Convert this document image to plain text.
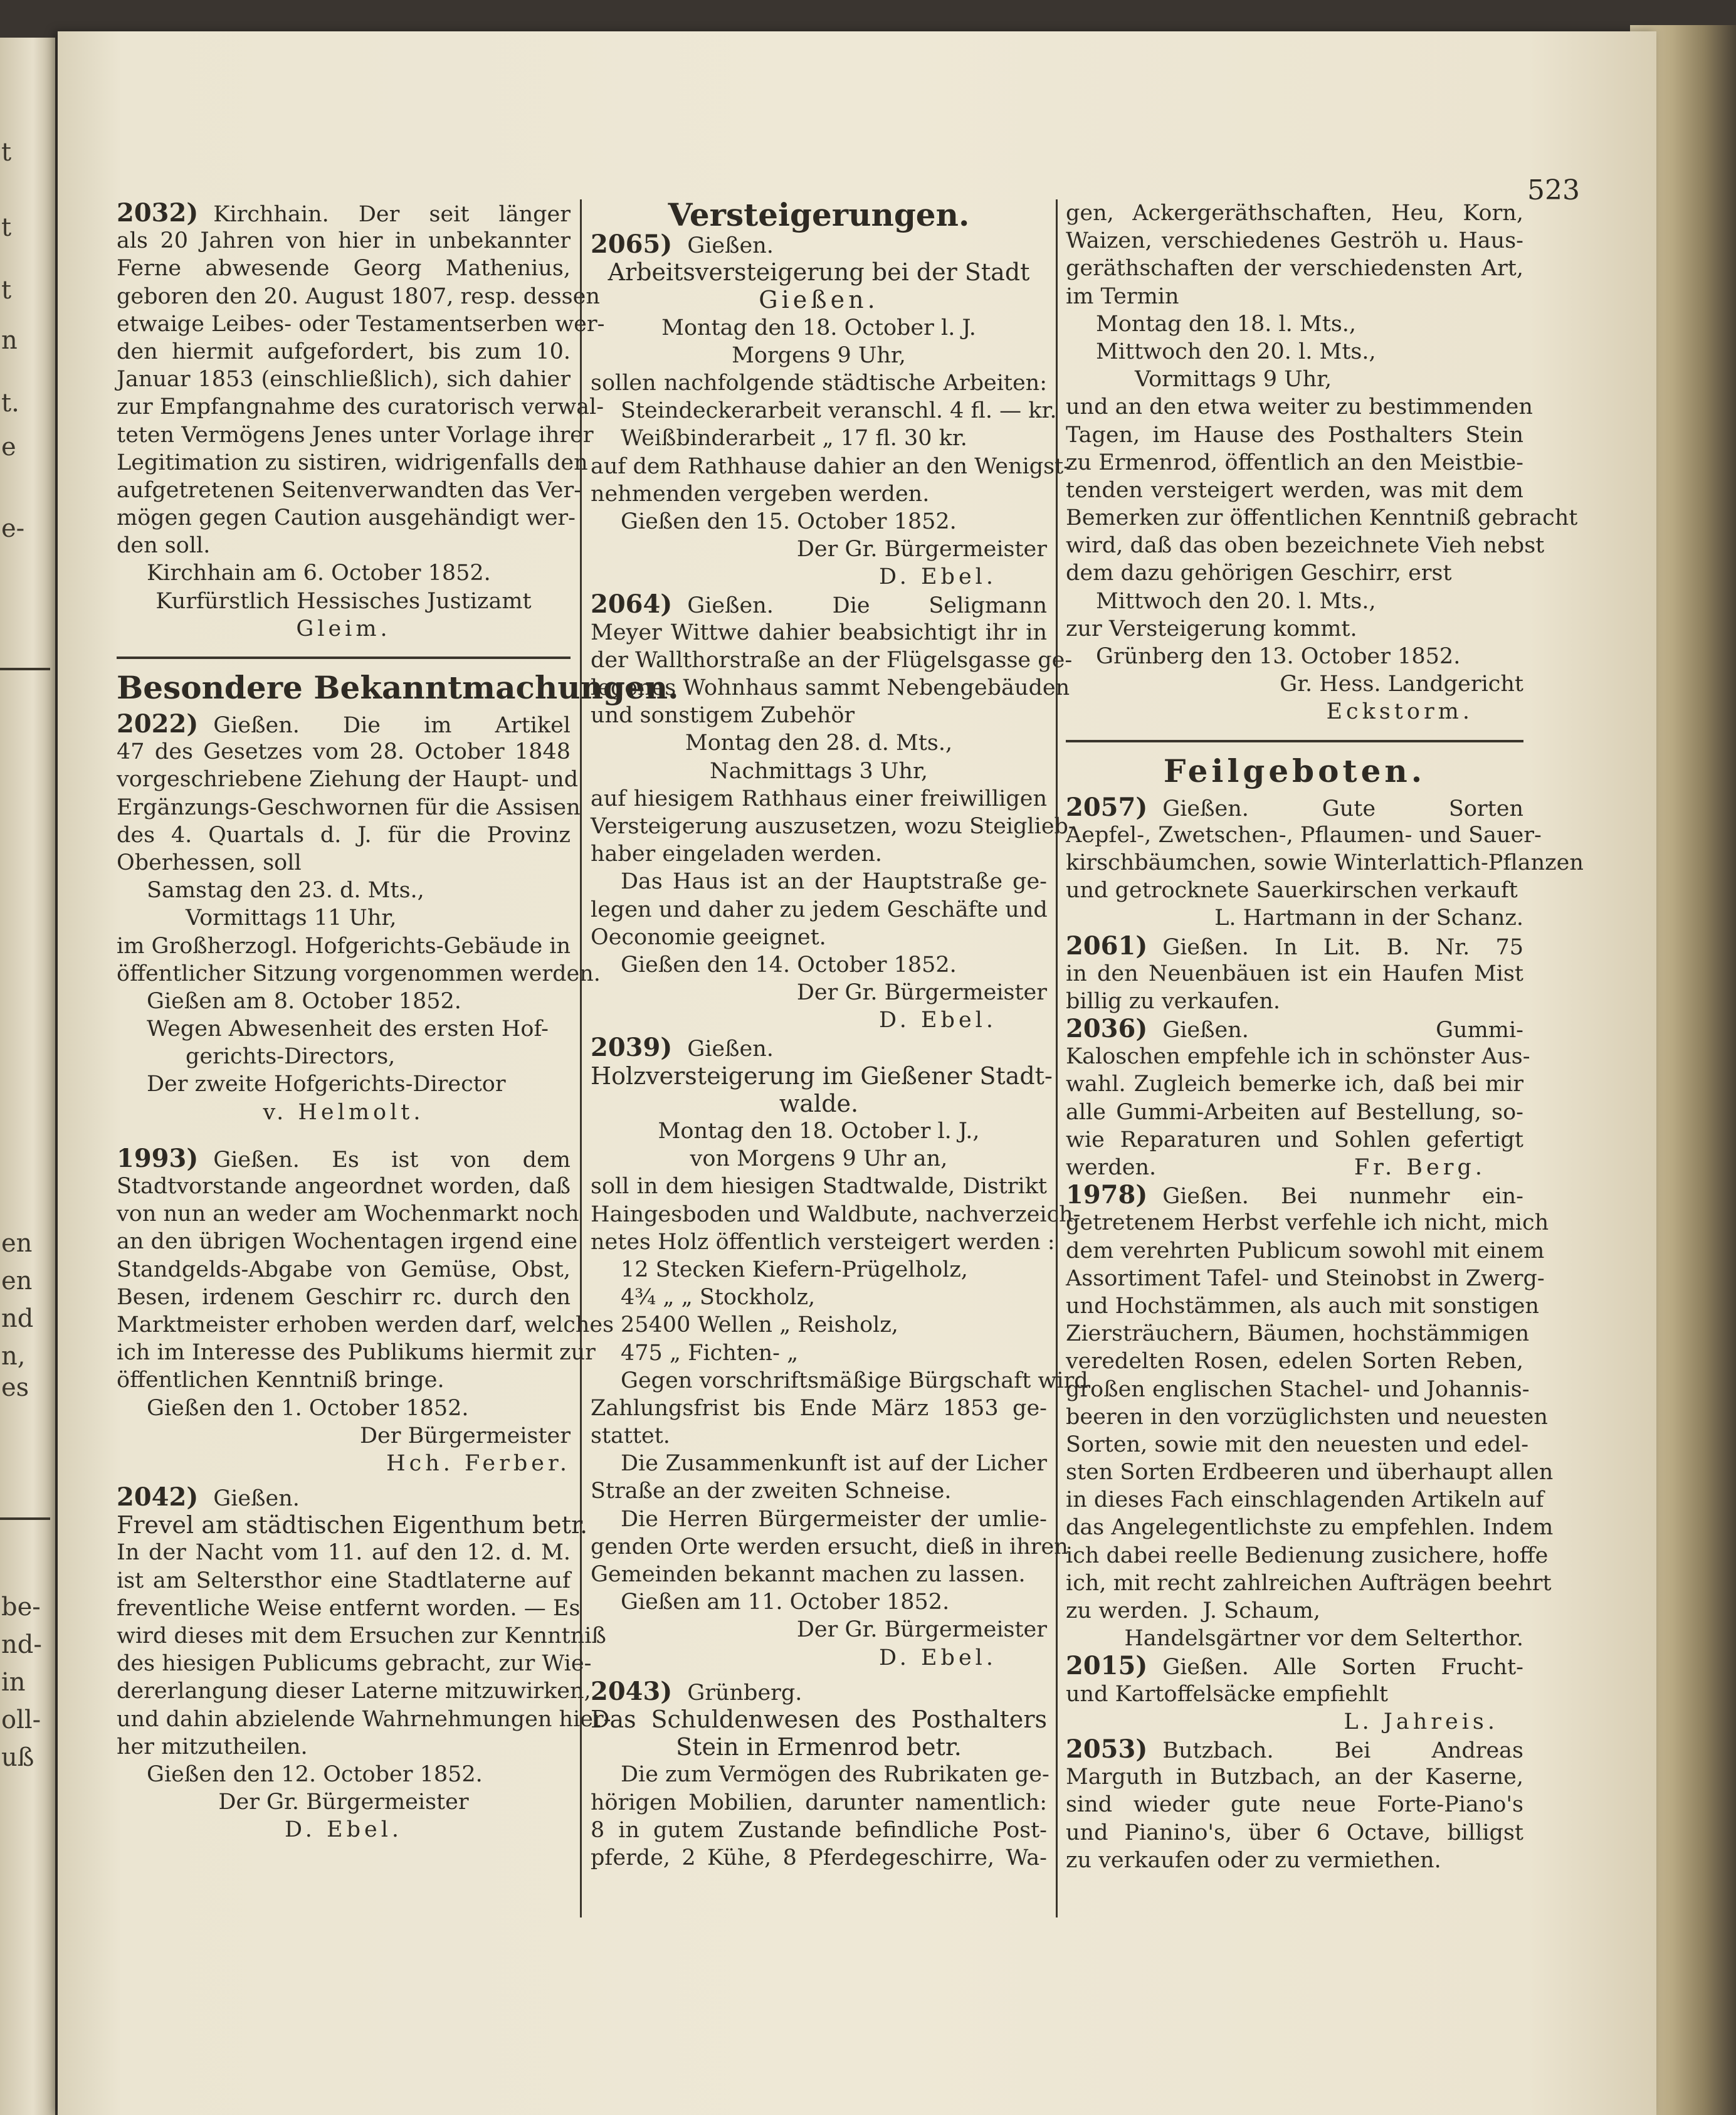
t
t
t
n
t.
e
e-
en
en
nd
n,
es
be-
nd-
in
oll-
uß
523
2032) Kirchhain. Der seit länger
als 20 Jahren von hier in unbekannter
Ferne abwesende Georg Mathenius,
geboren den 20. August 1807, resp. dessen
etwaige Leibes- oder Testamentserben wer-
den hiermit aufgefordert, bis zum 10.
Januar 1853 (einschließlich), sich dahier
zur Empfangnahme des curatorisch verwal-
teten Vermögens Jenes unter Vorlage ihrer
Legitimation zu sistiren, widrigenfalls den
aufgetretenen Seitenverwandten das Ver-
mögen gegen Caution ausgehändigt wer-
den soll.
Kirchhain am 6. October 1852.
Kurfürstlich Hessisches Justizamt
Gleim.
Besondere Bekanntmachungen.
2022) Gießen. Die im Artikel
47 des Gesetzes vom 28. October 1848
vorgeschriebene Ziehung der Haupt- und
Ergänzungs-Geschwornen für die Assisen
des 4. Quartals d. J. für die Provinz
Oberhessen, soll
Samstag den 23. d. Mts.,
Vormittags 11 Uhr,
im Großherzogl. Hofgerichts-Gebäude in
öffentlicher Sitzung vorgenommen werden.
Gießen am 8. October 1852.
Wegen Abwesenheit des ersten Hof-
gerichts-Directors,
Der zweite Hofgerichts-Director
v. Helmolt.
1993) Gießen. Es ist von dem
Stadtvorstande angeordnet worden, daß
von nun an weder am Wochenmarkt noch
an den übrigen Wochentagen irgend eine
Standgelds-Abgabe von Gemüse, Obst,
Besen, irdenem Geschirr rc. durch den
Marktmeister erhoben werden darf, welches
ich im Interesse des Publikums hiermit zur
öffentlichen Kenntniß bringe.
Gießen den 1. October 1852.
Der Bürgermeister
Hch. Ferber.
2042) Gießen.
Frevel am städtischen Eigenthum betr.
In der Nacht vom 11. auf den 12. d. M.
ist am Seltersthor eine Stadtlaterne auf
freventliche Weise entfernt worden. — Es
wird dieses mit dem Ersuchen zur Kenntniß
des hiesigen Publicums gebracht, zur Wie-
dererlangung dieser Laterne mitzuwirken,
und dahin abzielende Wahrnehmungen hier-
her mitzutheilen.
Gießen den 12. October 1852.
Der Gr. Bürgermeister
D. Ebel.
Versteigerungen.
2065) Gießen.
Arbeitsversteigerung bei der Stadt
Gießen.
Montag den 18. October l. J.
Morgens 9 Uhr,
sollen nachfolgende städtische Arbeiten:
Steindeckerarbeit veranschl. 4 fl. — kr.
Weißbinderarbeit „ 17 fl. 30 kr.
auf dem Rathhause dahier an den Wenigst-
nehmenden vergeben werden.
Gießen den 15. October 1852.
Der Gr. Bürgermeister
D. Ebel.
2064) Gießen. Die Seligmann
Meyer Wittwe dahier beabsichtigt ihr in
der Wallthorstraße an der Flügelsgasse ge-
legenes Wohnhaus sammt Nebengebäuden
und sonstigem Zubehör
Montag den 28. d. Mts.,
Nachmittags 3 Uhr,
auf hiesigem Rathhaus einer freiwilligen
Versteigerung auszusetzen, wozu Steiglieb-
haber eingeladen werden.
Das Haus ist an der Hauptstraße ge-
legen und daher zu jedem Geschäfte und
Oeconomie geeignet.
Gießen den 14. October 1852.
Der Gr. Bürgermeister
D. Ebel.
2039) Gießen.
Holzversteigerung im Gießener Stadt-
walde.
Montag den 18. October l. J.,
von Morgens 9 Uhr an,
soll in dem hiesigen Stadtwalde, Distrikt
Haingesboden und Waldbute, nachverzeich-
netes Holz öffentlich versteigert werden :
12 Stecken Kiefern-Prügelholz,
4¾ „ „ Stockholz,
25400 Wellen „ Reisholz,
475 „ Fichten- „
Gegen vorschriftsmäßige Bürgschaft wird
Zahlungsfrist bis Ende März 1853 ge-
stattet.
Die Zusammenkunft ist auf der Licher
Straße an der zweiten Schneise.
Die Herren Bürgermeister der umlie-
genden Orte werden ersucht, dieß in ihren
Gemeinden bekannt machen zu lassen.
Gießen am 11. October 1852.
Der Gr. Bürgermeister
D. Ebel.
2043) Grünberg.
Das Schuldenwesen des Posthalters
Stein in Ermenrod betr.
Die zum Vermögen des Rubrikaten ge-
hörigen Mobilien, darunter namentlich:
8 in gutem Zustande befindliche Post-
pferde, 2 Kühe, 8 Pferdegeschirre, Wa-
gen, Ackergeräthschaften, Heu, Korn,
Waizen, verschiedenes Geströh u. Haus-
geräthschaften der verschiedensten Art,
im Termin
Montag den 18. l. Mts.,
Mittwoch den 20. l. Mts.,
Vormittags 9 Uhr,
und an den etwa weiter zu bestimmenden
Tagen, im Hause des Posthalters Stein
zu Ermenrod, öffentlich an den Meistbie-
tenden versteigert werden, was mit dem
Bemerken zur öffentlichen Kenntniß gebracht
wird, daß das oben bezeichnete Vieh nebst
dem dazu gehörigen Geschirr, erst
Mittwoch den 20. l. Mts.,
zur Versteigerung kommt.
Grünberg den 13. October 1852.
Gr. Hess. Landgericht
Eckstorm.
Feilgeboten.
2057) Gießen. Gute Sorten
Aepfel-, Zwetschen-, Pflaumen- und Sauer-
kirschbäumchen, sowie Winterlattich-Pflanzen
und getrocknete Sauerkirschen verkauft
L. Hartmann in der Schanz.
2061) Gießen. In Lit. B. Nr. 75
in den Neuenbäuen ist ein Haufen Mist
billig zu verkaufen.
2036) Gießen. Gummi-
Kaloschen empfehle ich in schönster Aus-
wahl. Zugleich bemerke ich, daß bei mir
alle Gummi-Arbeiten auf Bestellung, so-
wie Reparaturen und Sohlen gefertigt
werden.	Fr. Berg.
1978) Gießen. Bei nunmehr ein-
getretenem Herbst verfehle ich nicht, mich
dem verehrten Publicum sowohl mit einem
Assortiment Tafel- und Steinobst in Zwerg-
und Hochstämmen, als auch mit sonstigen
Ziersträuchern, Bäumen, hochstämmigen
veredelten Rosen, edelen Sorten Reben,
großen englischen Stachel- und Johannis-
beeren in den vorzüglichsten und neuesten
Sorten, sowie mit den neuesten und edel-
sten Sorten Erdbeeren und überhaupt allen
in dieses Fach einschlagenden Artikeln auf
das Angelegentlichste zu empfehlen. Indem
ich dabei reelle Bedienung zusichere, hoffe
ich, mit recht zahlreichen Aufträgen beehrt
zu werden.  J. Schaum,
Handelsgärtner vor dem Selterthor.
2015) Gießen. Alle Sorten Frucht-
und Kartoffelsäcke empfiehlt
L. Jahreis.
2053) Butzbach. Bei Andreas
Marguth in Butzbach, an der Kaserne,
sind wieder gute neue Forte-Piano's
und Pianino's, über 6 Octave, billigst
zu verkaufen oder zu vermiethen.
